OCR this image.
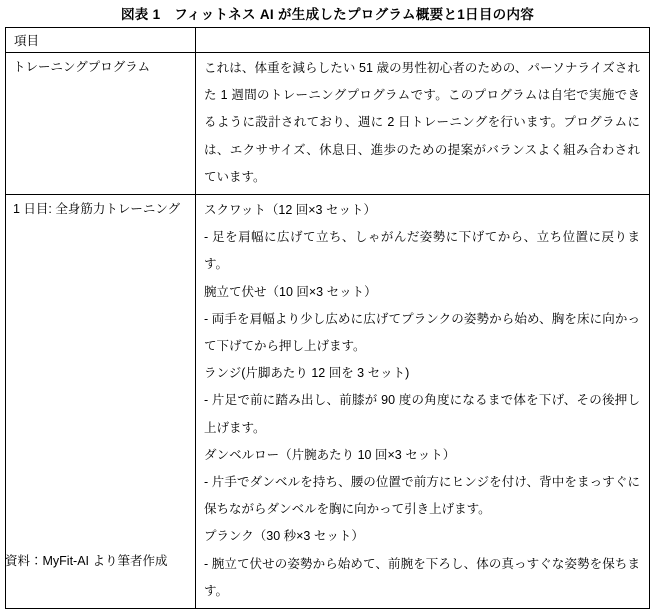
図表 1　フィットネス AI が生成したプログラム概要と1日目の内容
項目	
トレーニングプログラム	これは、体重を減らしたい 51 歳の男性初心者のための、パーソナライズされた 1 週間のトレーニングプログラムです。このプログラムは自宅で実施できるように設計されており、週に 2 日トレーニングを行います。プログラムには、エクササイズ、休息日、進歩のための提案がバランスよく組み合わされています。

1 日目: 全身筋力トレーニング	スクワット（12 回×3 セット）

- 足を肩幅に広げて立ち、しゃがんだ姿勢に下げてから、立ち位置に戻ります。

腕立て伏せ（10 回×3 セット）

- 両手を肩幅より少し広めに広げてプランクの姿勢から始め、胸を床に向かって下げてから押し上げます。

ランジ(片脚あたり 12 回を 3 セット)

- 片足で前に踏み出し、前膝が 90 度の角度になるまで体を下げ、その後押し上げます。

ダンベルロー（片腕あたり 10 回×3 セット）

- 片手でダンベルを持ち、腰の位置で前方にヒンジを付け、背中をまっすぐに保ちながらダンベルを胸に向かって引き上げます。

プランク（30 秒×3 セット）

- 腕立て伏せの姿勢から始めて、前腕を下ろし、体の真っすぐな姿勢を保ちます。

資料：MyFit-AI より筆者作成
